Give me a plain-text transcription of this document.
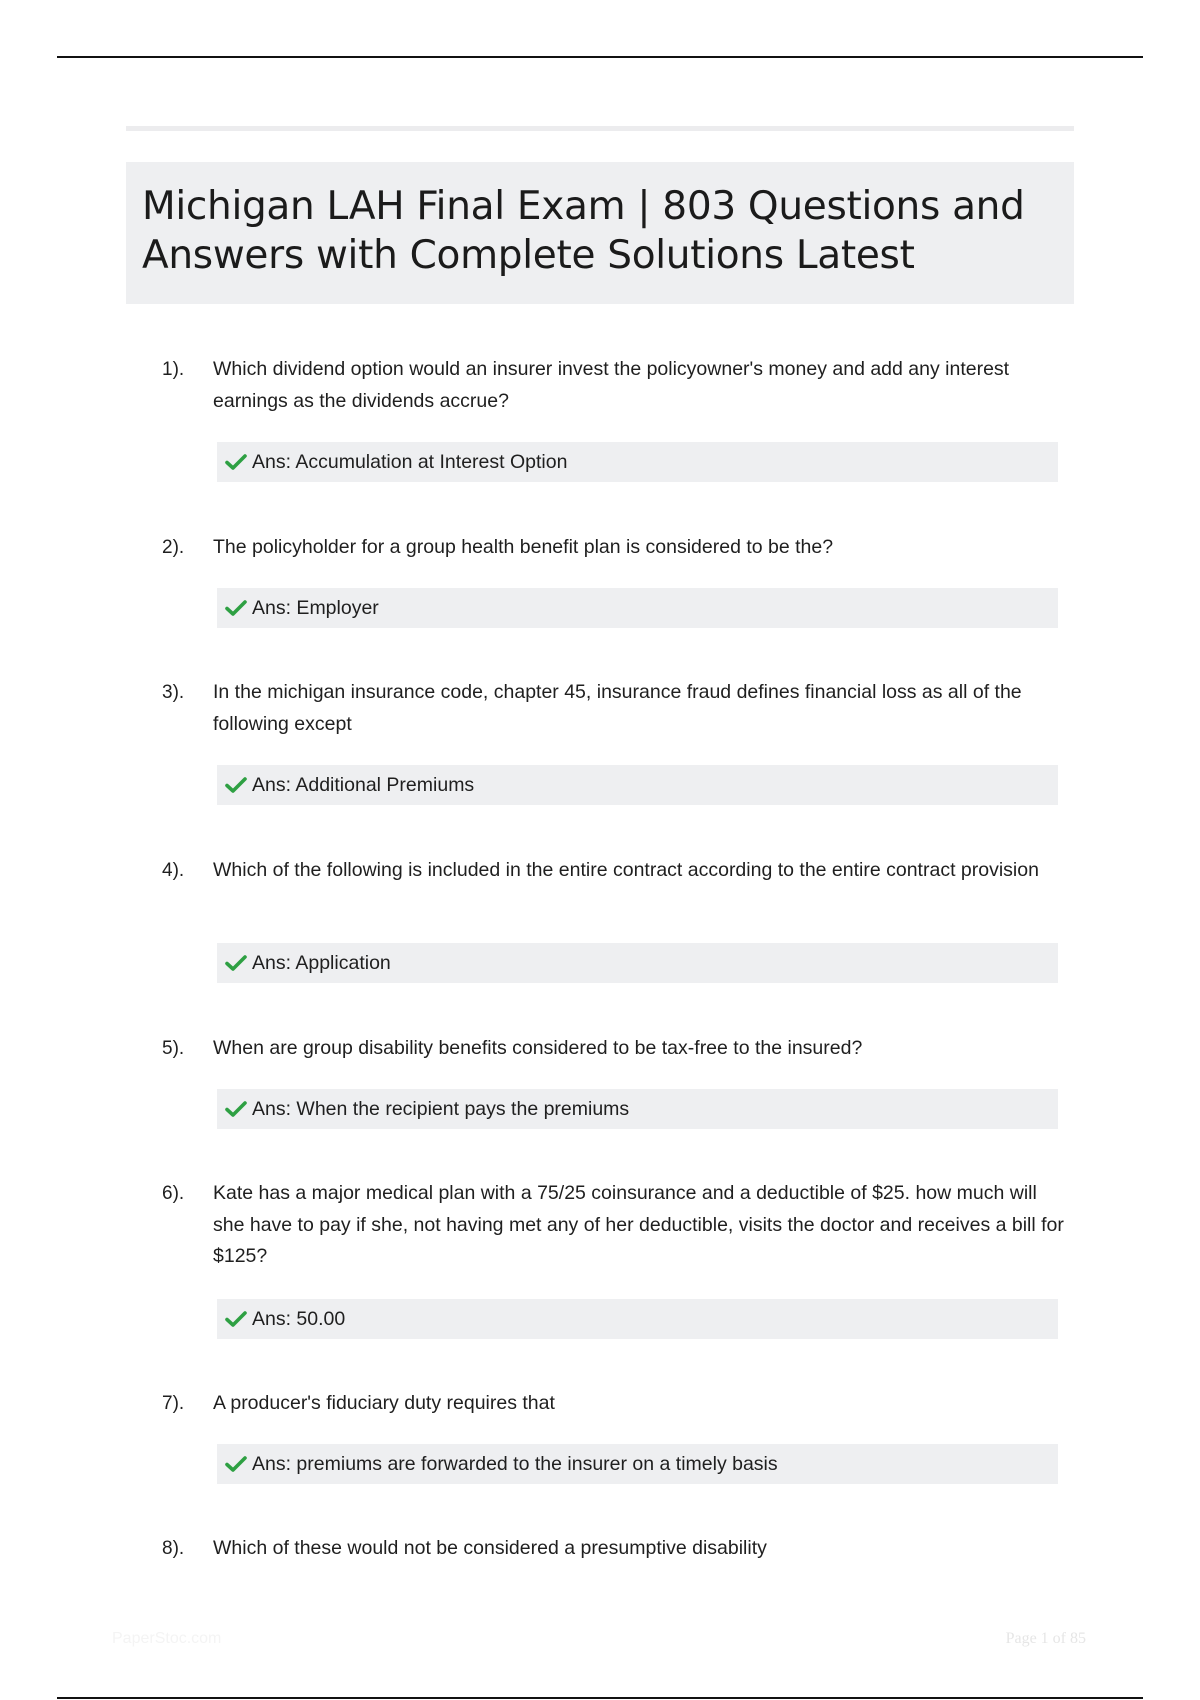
Michigan LAH Final Exam | 803 Questions and Answers with Complete Solutions Latest
1). Which dividend option would an insurer invest the policyowner's money and add any interest earnings as the dividends accrue?
Ans: Accumulation at Interest Option
2). The policyholder for a group health benefit plan is considered to be the?
Ans: Employer
3). In the michigan insurance code, chapter 45, insurance fraud defines financial loss as all of the following except
Ans: Additional Premiums
4). Which of the following is included in the entire contract according to the entire contract provision
Ans: Application
5). When are group disability benefits considered to be tax-free to the insured?
Ans: When the recipient pays the premiums
6). Kate has a major medical plan with a 75/25 coinsurance and a deductible of $25. how much will she have to pay if she, not having met any of her deductible, visits the doctor and receives a bill for $125?
Ans: 50.00
7). A producer's fiduciary duty requires that
Ans: premiums are forwarded to the insurer on a timely basis
8). Which of these would not be considered a presumptive disability
PaperStoc.com	Page 1 of 85
